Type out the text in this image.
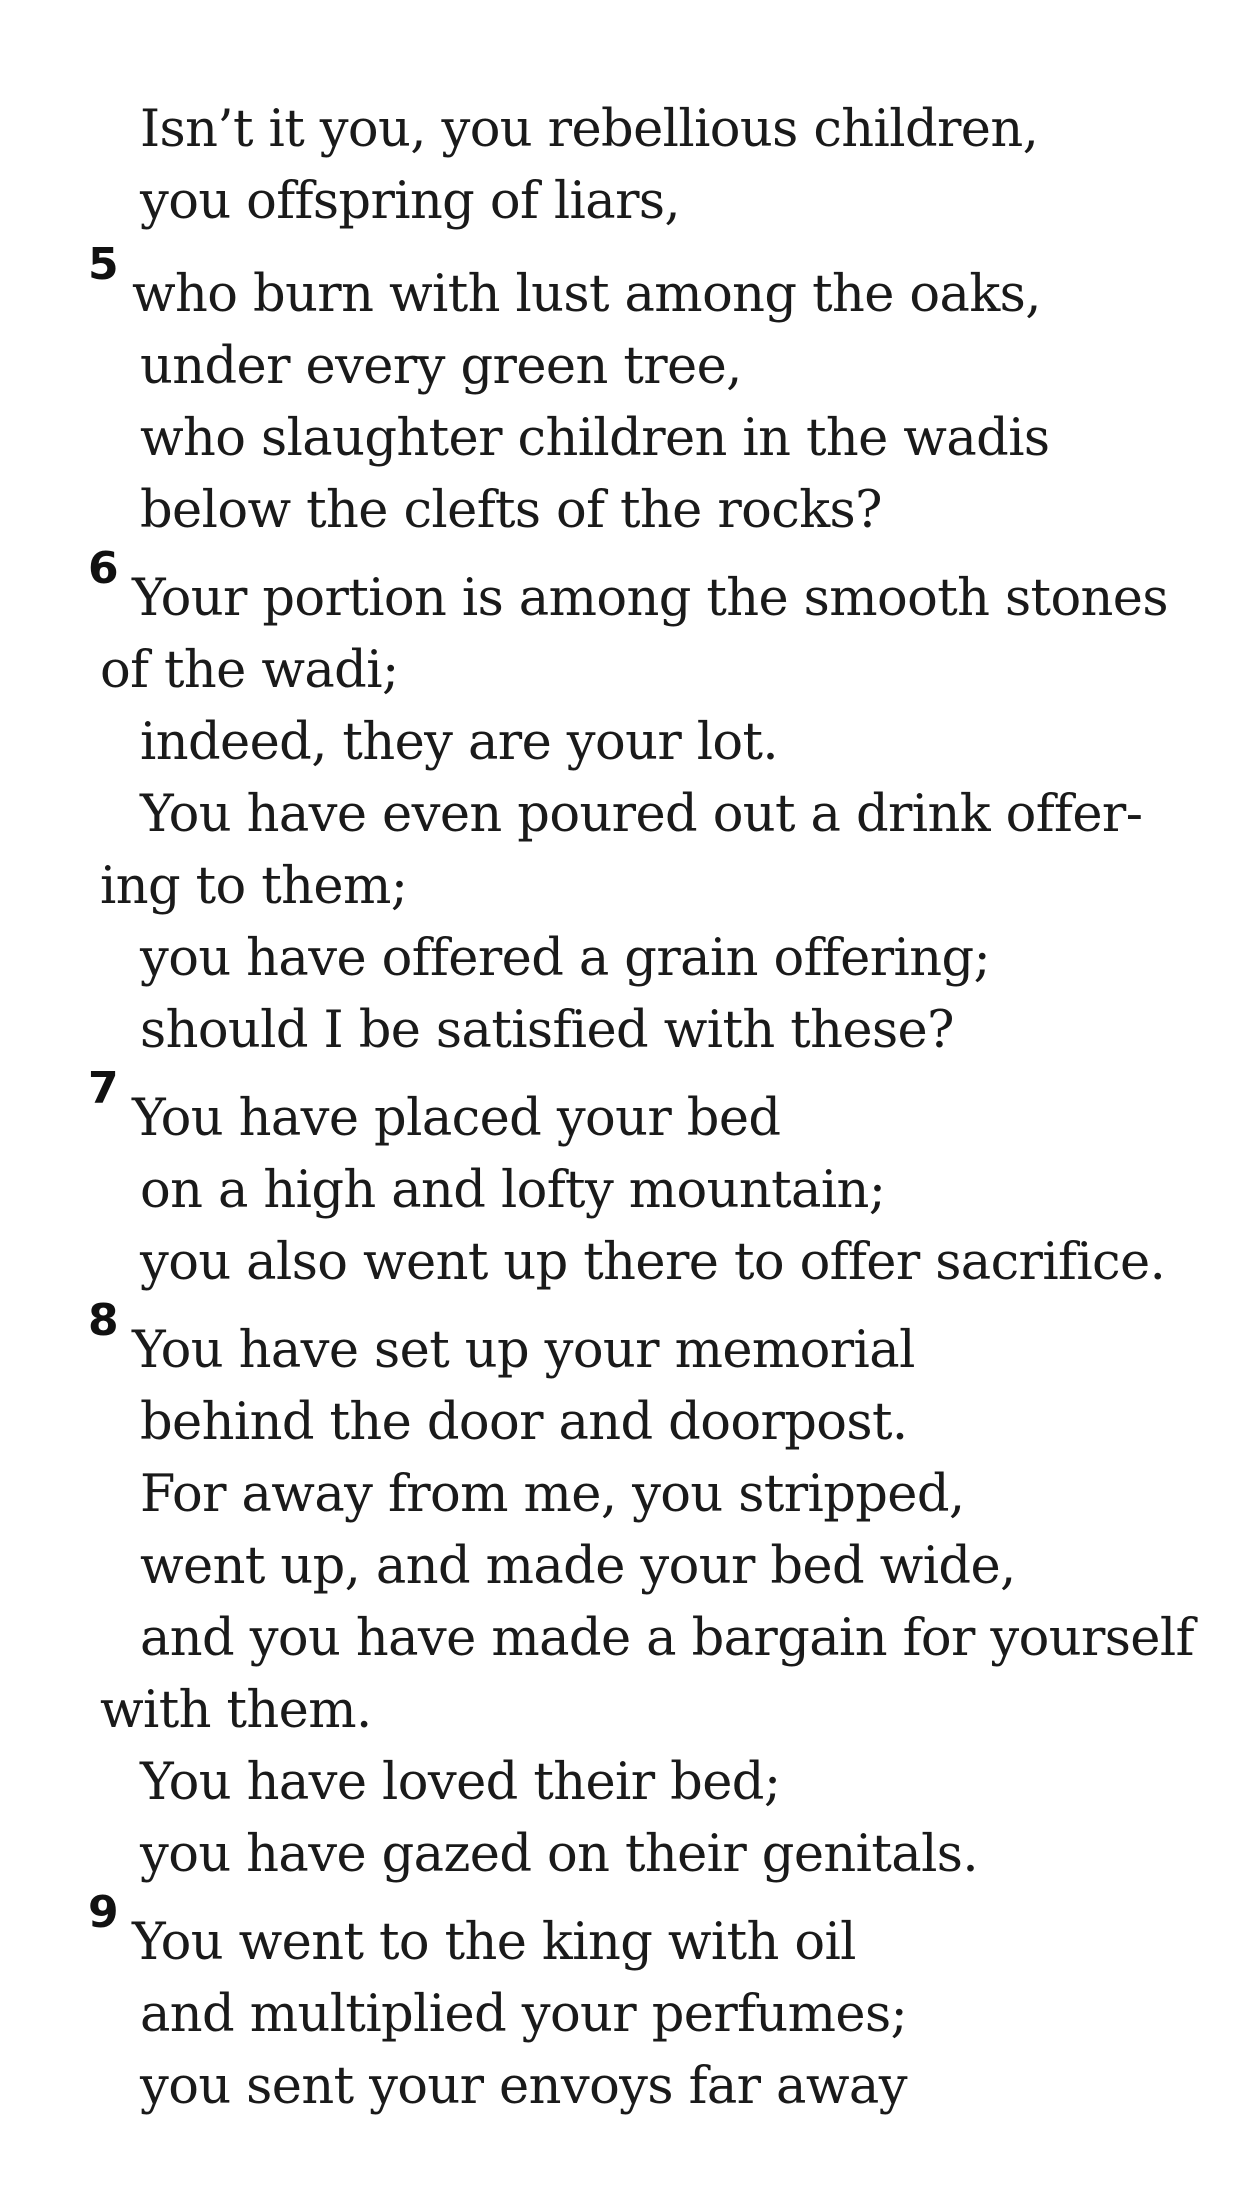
Isn’t it you, you rebellious children,
you offspring of liars,
5
who burn with lust among the oaks,
under every green tree,
who slaughter children in the wadis
below the clefts of the rocks?
6
Your portion is among the smooth stones
of the wadi;
indeed, they are your lot.
You have even poured out a drink offer-
ing to them;
you have offered a grain offering;
should I be satisfied with these?
7
You have placed your bed
on a high and lofty mountain;
you also went up there to offer sacrifice.
8
You have set up your memorial
behind the door and doorpost.
For away from me, you stripped,
went up, and made your bed wide,
and you have made a bargain for yourself
with them.
You have loved their bed;
you have gazed on their genitals.
9
You went to the king with oil
and multiplied your perfumes;
you sent your envoys far away
